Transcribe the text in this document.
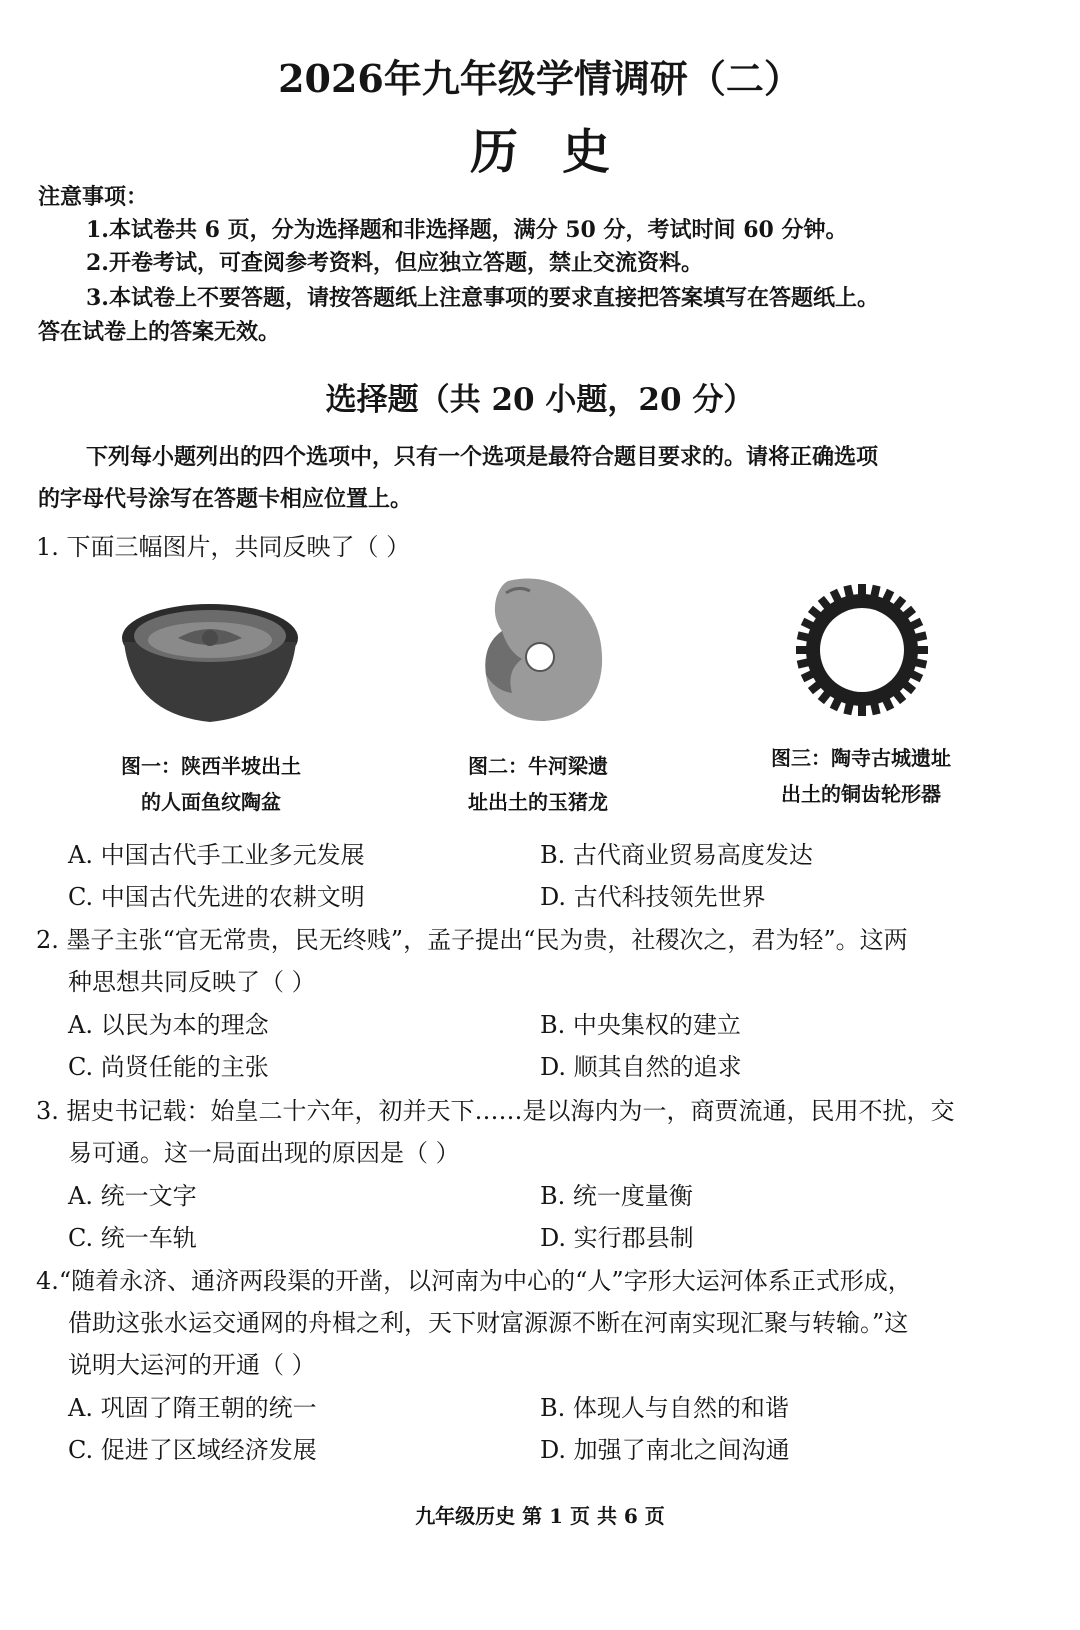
2026年九年级学情调研（二）
历史
注意事项：
1.本试卷共 6 页，分为选择题和非选择题，满分 50 分，考试时间 60 分钟。
2.开卷考试，可查阅参考资料，但应独立答题，禁止交流资料。
3.本试卷上不要答题，请按答题纸上注意事项的要求直接把答案填写在答题纸上。
答在试卷上的答案无效。
选择题（共 20 小题，20 分）
下列每小题列出的四个选项中，只有一个选项是最符合题目要求的。请将正确选项
的字母代号涂写在答题卡相应位置上。
1. 下面三幅图片，共同反映了（ ）
图一：陕西半坡出土
的人面鱼纹陶盆
图二：牛河梁遗
址出土的玉猪龙
图三：陶寺古城遗址
出土的铜齿轮形器
A. 中国古代手工业多元发展	B. 古代商业贸易高度发达
C. 中国古代先进的农耕文明	D. 古代科技领先世界
2. 墨子主张“官无常贵，民无终贱”，孟子提出“民为贵，社稷次之，君为轻”。这两
种思想共同反映了（ ）
A. 以民为本的理念	B. 中央集权的建立
C. 尚贤任能的主张	D. 顺其自然的追求
3. 据史书记载：始皇二十六年，初并天下……是以海内为一，商贾流通，民用不扰，交
易可通。这一局面出现的原因是（ ）
A. 统一文字	B. 统一度量衡
C. 统一车轨	D. 实行郡县制
4.“随着永济、通济两段渠的开凿，以河南为中心的“人”字形大运河体系正式形成，
借助这张水运交通网的舟楫之利，天下财富源源不断在河南实现汇聚与转输。”这
说明大运河的开通（ ）
A. 巩固了隋王朝的统一	B. 体现人与自然的和谐
C. 促进了区域经济发展	D. 加强了南北之间沟通
九年级历史 第 1 页 共 6 页
